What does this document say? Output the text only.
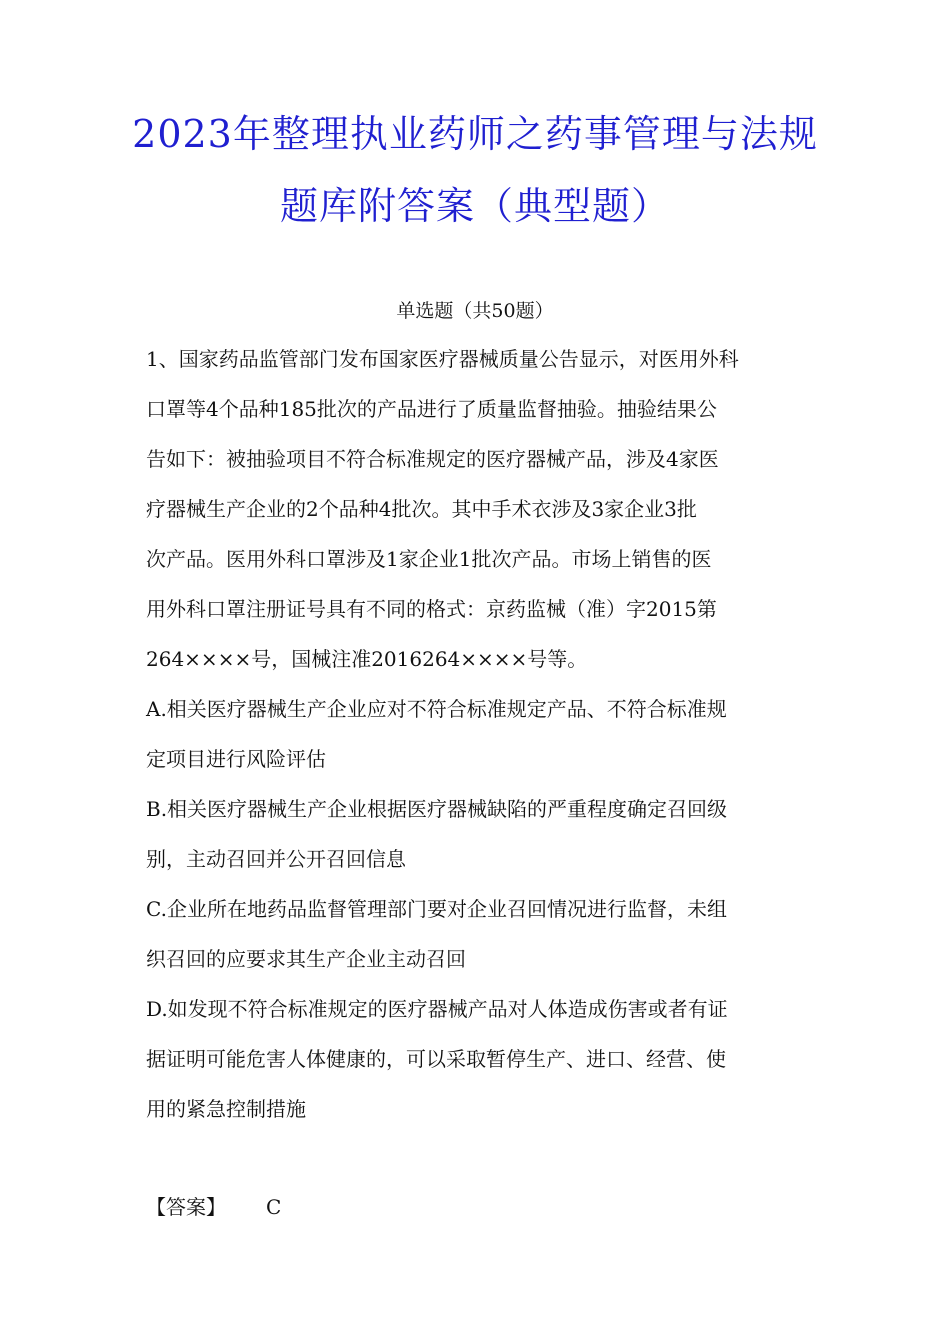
2023年整理执业药师之药事管理与法规
题库附答案（典型题）
单选题（共50题）
1、国家药品监管部门发布国家医疗器械质量公告显示，对医用外科
口罩等4个品种185批次的产品进行了质量监督抽验。抽验结果公
告如下：被抽验项目不符合标准规定的医疗器械产品，涉及4家医
疗器械生产企业的2个品种4批次。其中手术衣涉及3家企业3批
次产品。医用外科口罩涉及1家企业1批次产品。市场上销售的医
用外科口罩注册证号具有不同的格式：京药监械（准）字2015第
264××××号，国械注准2016264××××号等。
A.相关医疗器械生产企业应对不符合标准规定产品、不符合标准规
定项目进行风险评估
B.相关医疗器械生产企业根据医疗器械缺陷的严重程度确定召回级
别，主动召回并公开召回信息
C.企业所在地药品监督管理部门要对企业召回情况进行监督，未组
织召回的应要求其生产企业主动召回
D.如发现不符合标准规定的医疗器械产品对人体造成伤害或者有证
据证明可能危害人体健康的，可以采取暂停生产、进口、经营、使
用的紧急控制措施
【答案】 C
